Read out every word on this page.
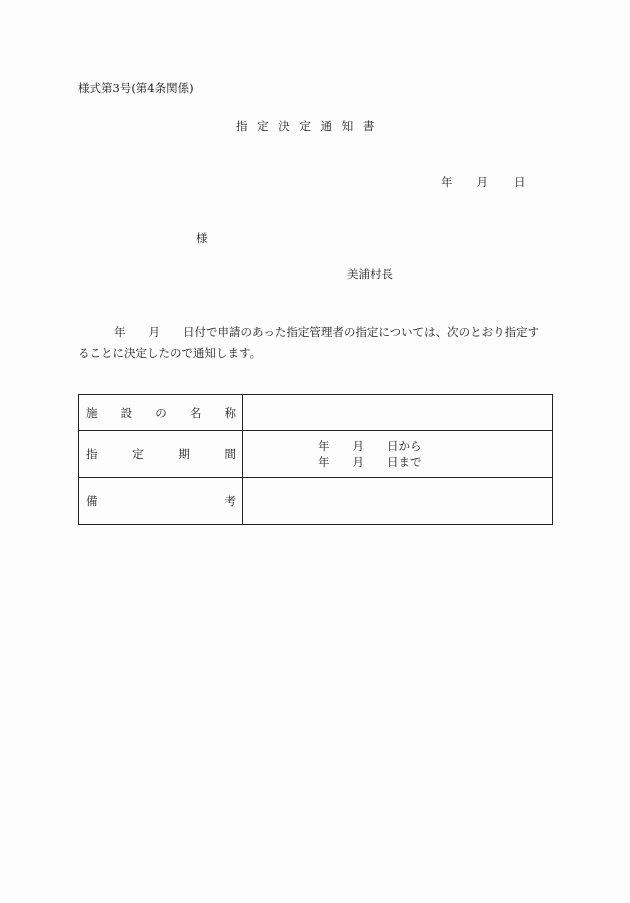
様式第3号(第4条関係)
指 定 決 定 通 知 書
年 月 日
様
美浦村長
年　　月　　日付で申請のあった指定管理者の指定については、次のとおり指定す
ることに決定したので通知します。
施 設 の 名 称	

指 定 期 間	年　　月　　日から
年　　月　　日まで

備 考	
